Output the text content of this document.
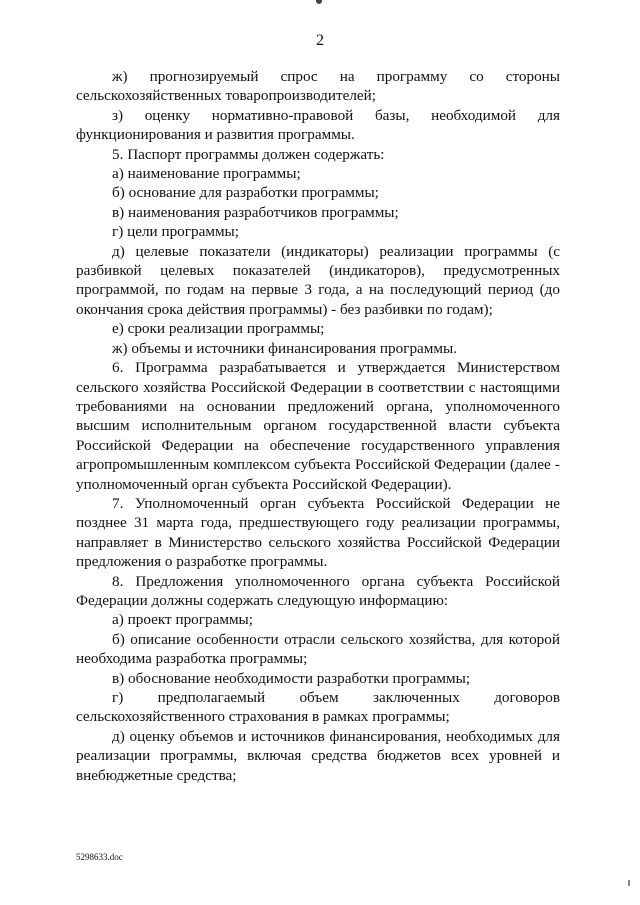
2

ж) прогнозируемый спрос на программу со стороны сельскохозяйственных товаропроизводителей;

з) оценку нормативно-правовой базы, необходимой для функционирования и развития программы.

5. Паспорт программы должен содержать:

а) наименование программы;

б) основание для разработки программы;

в) наименования разработчиков программы;

г) цели программы;

д) целевые показатели (индикаторы) реализации программы (с разбивкой целевых показателей (индикаторов), предусмотренных программой, по годам на первые 3 года, а на последующий период (до окончания срока действия программы) - без разбивки по годам);

е) сроки реализации программы;

ж) объемы и источники финансирования программы.

6. Программа разрабатывается и утверждается Министерством сельского хозяйства Российской Федерации в соответствии с настоящими требованиями на основании предложений органа, уполномоченного высшим исполнительным органом государственной власти субъекта Российской Федерации на обеспечение государственного управления агропромышленным комплексом субъекта Российской Федерации (далее - уполномоченный орган субъекта Российской Федерации).

7. Уполномоченный орган субъекта Российской Федерации не позднее 31 марта года, предшествующего году реализации программы, направляет в Министерство сельского хозяйства Российской Федерации предложения о разработке программы.

8. Предложения уполномоченного органа субъекта Российской Федерации должны содержать следующую информацию:

а) проект программы;

б) описание особенности отрасли сельского хозяйства, для которой необходима разработка программы;

в) обоснование необходимости разработки программы;

г) предполагаемый объем заключенных договоров сельскохозяйственного страхования в рамках программы;

д) оценку объемов и источников финансирования, необходимых для реализации программы, включая средства бюджетов всех уровней и внебюджетные средства;

5298633.doc
